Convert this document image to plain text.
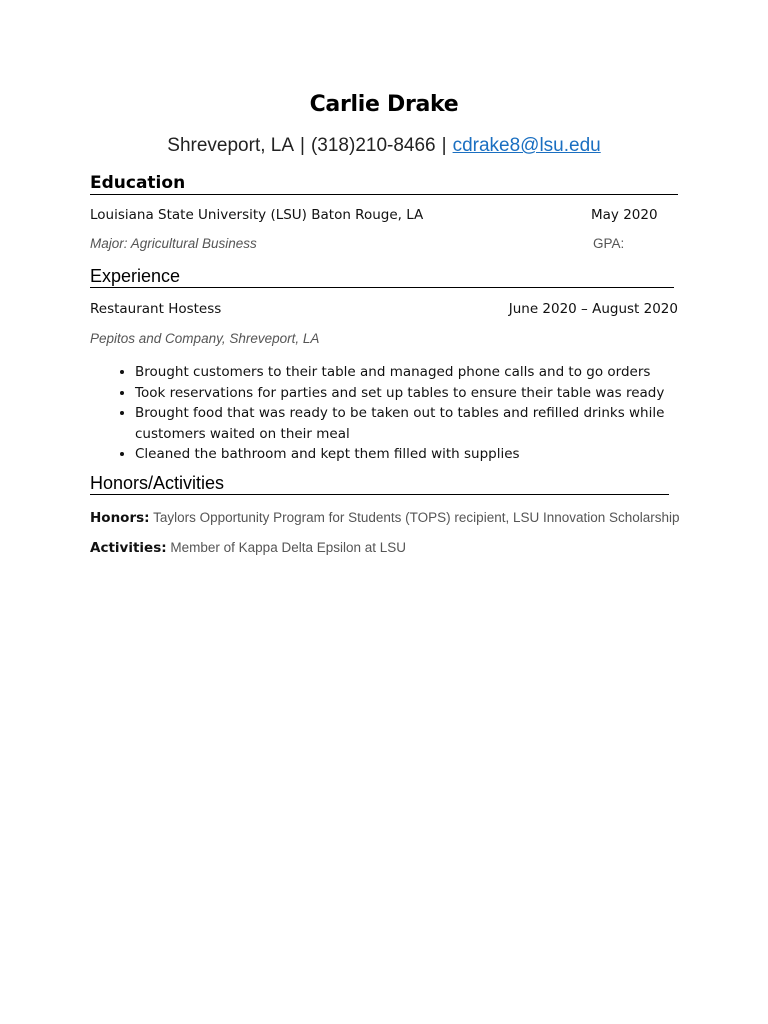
Carlie Drake
Shreveport, LA | (318)210-8466 | cdrake8@lsu.edu
Education
Louisiana State University (LSU) Baton Rouge, LA	May 2020
Major: Agricultural Business	GPA:
Experience
Restaurant Hostess	June 2020 – August 2020
Pepitos and Company, Shreveport, LA
• Brought customers to their table and managed phone calls and to go orders
• Took reservations for parties and set up tables to ensure their table was ready
• Brought food that was ready to be taken out to tables and refilled drinks while customers waited on their meal
• Cleaned the bathroom and kept them filled with supplies
Honors/Activities
Honors: Taylors Opportunity Program for Students (TOPS) recipient, LSU Innovation Scholarship
Activities: Member of Kappa Delta Epsilon at LSU
